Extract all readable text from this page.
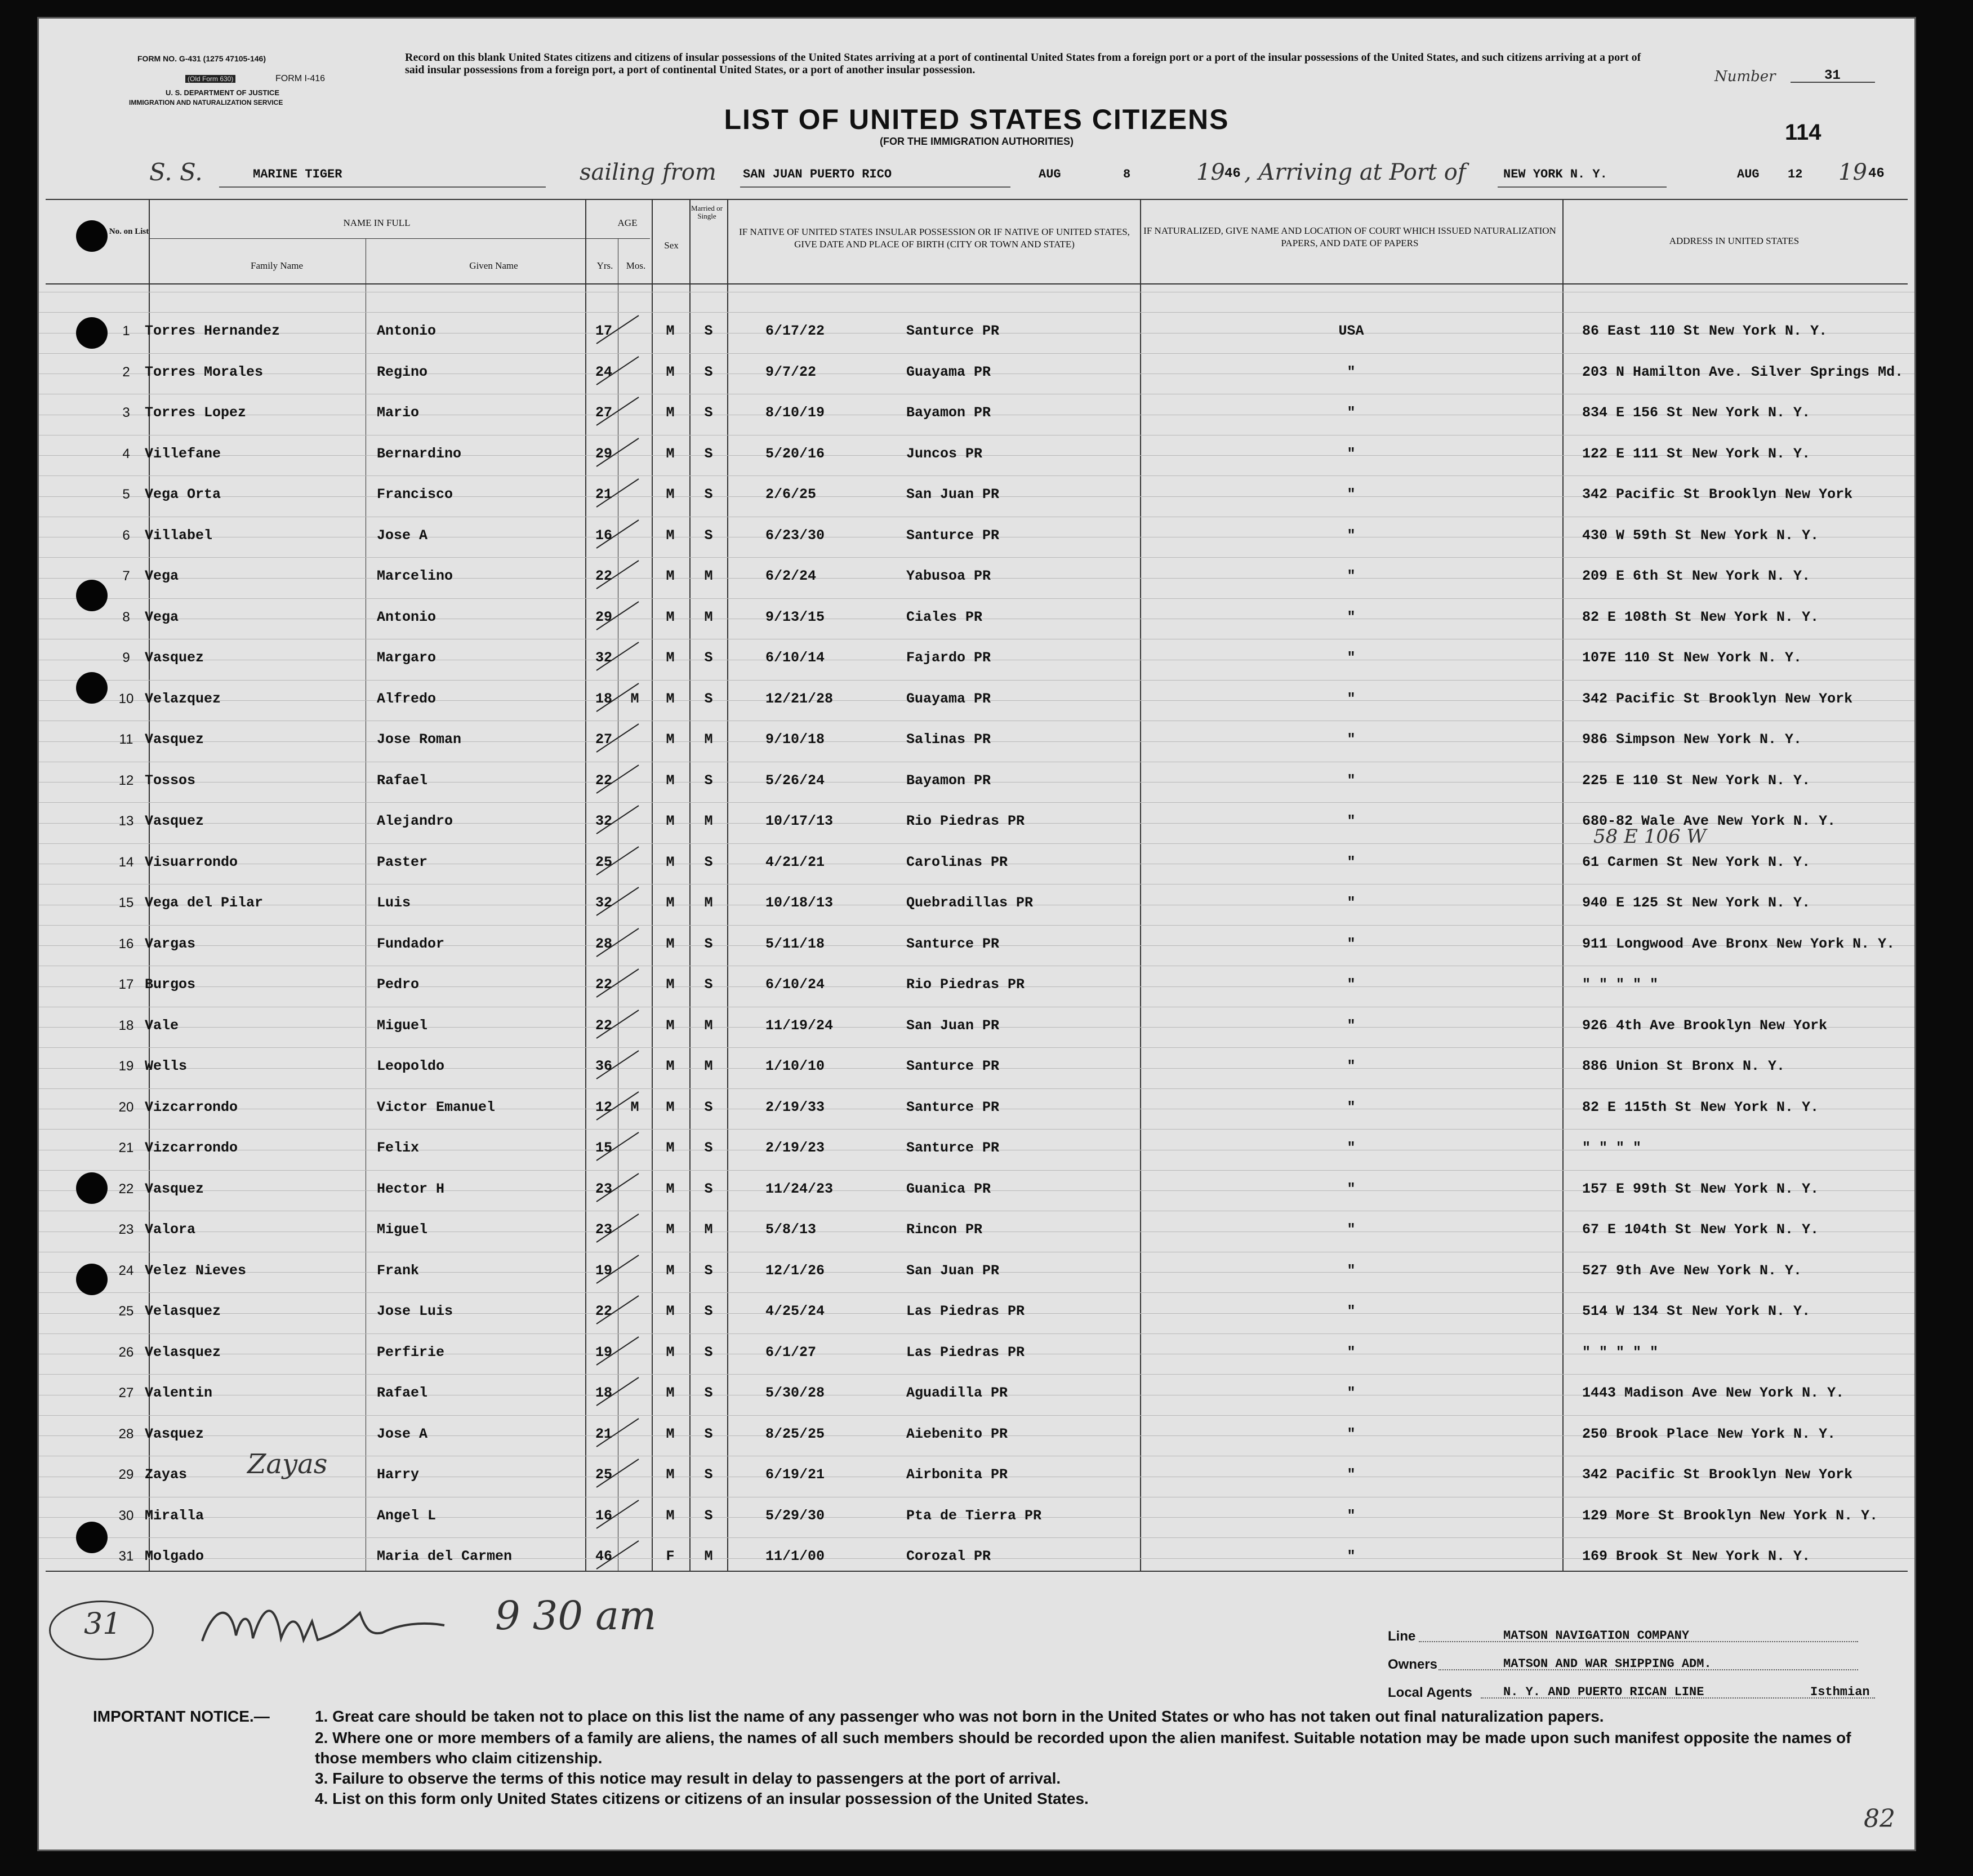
FORM NO. G-431 (1275 47105-146)
(Old Form 630)	FORM I-416
U. S. DEPARTMENT OF JUSTICE
IMMIGRATION AND NATURALIZATION SERVICE
Record on this blank United States citizens and citizens of insular possessions of the United States arriving at a port of continental United States from a foreign port or a port of the insular possessions of the United States, and such citizens arriving at a port of said insular possessions from a foreign port, a port of continental United States, or a port of another insular possession.	Number	31
LIST OF UNITED STATES CITIZENS
(FOR THE IMMIGRATION AUTHORITIES)	114
S. S.	MARINE TIGER	sailing from SAN JUAN PUERTO RICO	AUG	8	19 46 , Arriving at Port of	NEW YORK N. Y.	AUG 12 19 46
No. on List
NAME IN FULL
Family Name	Given Name
AGE
Yrs.	Mos.
Sex
Married or Single
IF NATIVE OF UNITED STATES INSULAR POSSESSION OR IF NATIVE OF UNITED STATES, GIVE DATE AND PLACE OF BIRTH (CITY OR TOWN AND STATE)
IF NATURALIZED, GIVE NAME AND LOCATION OF COURT WHICH ISSUED NATURALIZATION PAPERS, AND DATE OF PAPERS	ADDRESS IN UNITED STATES
1	Torres Hernandez	Antonio	17	M	S	6/17/22	Santurce PR	USA	86 East 110 St New York N. Y.
2	Torres Morales	Regino	24	M	S	9/7/22	Guayama PR	"	203 N Hamilton Ave. Silver Springs Md.
3	Torres Lopez	Mario	27	M	S	8/10/19	Bayamon PR	"	834 E 156 St New York N. Y.
4	Villefane	Bernardino	29	M	S	5/20/16	Juncos PR	"	122 E 111 St New York N. Y.
5	Vega Orta	Francisco	21	M	S	2/6/25	San Juan PR	"	342 Pacific St Brooklyn New York
6	Villabel	Jose A	16	M	S	6/23/30	Santurce PR	"	430 W 59th St New York N. Y.
7	Vega	Marcelino	22	M	M	6/2/24	Yabusoa PR	"	209 E 6th St New York N. Y.
8	Vega	Antonio	29	M	M	9/13/15	Ciales PR	"	82 E 108th St New York N. Y.
9	Vasquez	Margaro	32	M	S	6/10/14	Fajardo PR	"	107E 110 St New York N. Y.
10 Velazquez	Alfredo	18	M	M	S	12/21/28	Guayama PR	"	342 Pacific St Brooklyn New York
11 Vasquez	Jose Roman	27	M	M	9/10/18	Salinas PR	"	986 Simpson New York N. Y.
12 Tossos	Rafael	22	M	S	5/26/24	Bayamon PR	"	225 E 110 St New York N. Y.
13 Vasquez	Alejandro	32	M	M	10/17/13	Rio Piedras PR	"	680-82 Wale Ave New York N. Y.
14 Visuarrondo	Paster	25	M	S	4/21/21	Carolinas PR	"	61 Carmen St New York N. Y.
15 Vega del Pilar	Luis	32	M	M	10/18/13	Quebradillas PR	"	940 E 125 St New York N. Y.
16 Vargas	Fundador	28	M	S	5/11/18	Santurce PR	"	911 Longwood Ave Bronx New York N. Y.
17 Burgos	Pedro	22	M	S	6/10/24	Rio Piedras PR	"	" " " " "
18 Vale	Miguel	22	M	M	11/19/24	San Juan PR	"	926 4th Ave Brooklyn New York
19 Wells	Leopoldo	36	M	M	1/10/10	Santurce PR	"	886 Union St Bronx N. Y.
20 Vizcarrondo	Victor Emanuel	12	M	M	S	2/19/33	Santurce PR	"	82 E 115th St New York N. Y.
21 Vizcarrondo	Felix	15	M	S	2/19/23	Santurce PR	"	" " " "
22 Vasquez	Hector H	23	M	S	11/24/23	Guanica PR	"	157 E 99th St New York N. Y.
23 Valora	Miguel	23	M	M	5/8/13	Rincon PR	"	67 E 104th St New York N. Y.
24 Velez Nieves	Frank	19	M	S	12/1/26	San Juan PR	"	527 9th Ave New York N. Y.
25 Velasquez	Jose Luis	22	M	S	4/25/24	Las Piedras PR	"	514 W 134 St New York N. Y.
26 Velasquez	Perfirie	19	M	S	6/1/27	Las Piedras PR	"	" " " " "
27 Valentin	Rafael	18	M	S	5/30/28	Aguadilla PR	"	1443 Madison Ave New York N. Y.
28 Vasquez	Jose A	21	M	S	8/25/25	Aiebenito PR	"	250 Brook Place New York N. Y.
29 Zayas	Harry	25	M	S	6/19/21	Airbonita PR	"	342 Pacific St Brooklyn New York
30 Miralla	Angel L	16	M	S	5/29/30	Pta de Tierra PR	"	129 More St Brooklyn New York N. Y.
31 Molgado	Maria del Carmen	46	F	M	11/1/00	Corozal PR	"	169 Brook St New York N. Y.
Zayas
58 E 106 W
31	9 30 am
82
Line	MATSON NAVIGATION COMPANY
Owners	MATSON AND WAR SHIPPING ADM.
Local Agents	N. Y. AND PUERTO RICAN LINE	Isthmian
IMPORTANT NOTICE.—	1. Great care should be taken not to place on this list the name of any passenger who was not born in the United States or who has not taken out final naturalization papers.
2. Where one or more members of a family are aliens, the names of all such members should be recorded upon the alien manifest. Suitable notation may be made upon such manifest opposite the names of those members who claim citizenship.
3. Failure to observe the terms of this notice may result in delay to passengers at the port of arrival.
4. List on this form only United States citizens or citizens of an insular possession of the United States.
